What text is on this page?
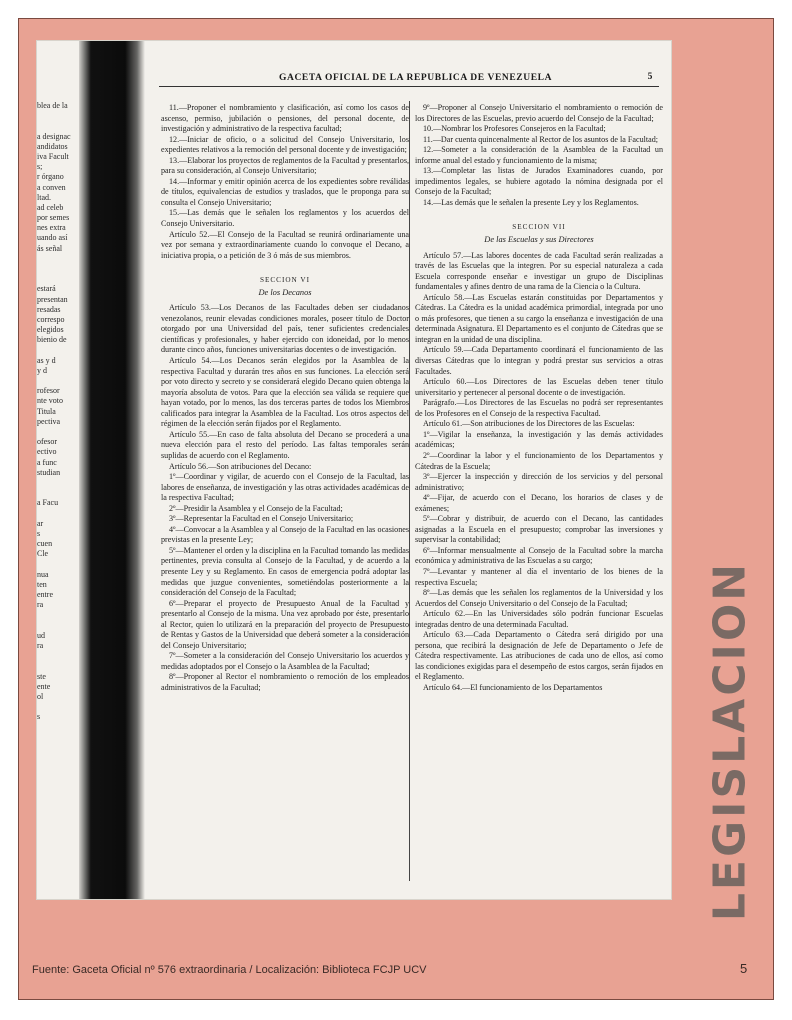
blea de la
a designac
andidatos
iva Facult
s;
r órgano
a conven
ltad.
ad celeb
por semes
nes extra
uando así
ás señal
estará
presentan
resadas
correspo
elegidos
bienio de
as y d
y d
rofesor
nte voto
Titula
pectiva
ofesor
ectivo
a func
studian
a Facu
ar
s
cuen
Cle
nua
ten
entre
ra
ud
ra
ste
ente
ol
s
GACETA OFICIAL DE LA REPUBLICA DE VENEZUELA	5

11.—Proponer el nombramiento y clasificación, así como los casos de ascenso, permiso, jubilación o pensiones, del personal docente, de investigación y administrativo de la respectiva facultad;

12.—Iniciar de oficio, o a solicitud del Consejo Universitario, los expedientes relativos a la remoción del personal docente y de investigación;

13.—Elaborar los proyectos de reglamentos de la Facultad y presentarlos, para su consideración, al Consejo Universitario;

14.—Informar y emitir opinión acerca de los expedientes sobre reválidas de títulos, equivalencias de estudios y traslados, que le proponga para su consulta el Consejo Universitario;

15.—Las demás que le señalen los reglamentos y los acuerdos del Consejo Universitario.

Artículo 52.—El Consejo de la Facultad se reunirá ordinariamente una vez por semana y extraordinariamente cuando lo convoque el Decano, a iniciativa propia, o a petición de 3 ó más de sus miembros.

SECCION VI
De los Decanos

Artículo 53.—Los Decanos de las Facultades deben ser ciudadanos venezolanos, reunir elevadas condiciones morales, poseer título de Doctor otorgado por una Universidad del país, tener suficientes credenciales científicas y profesionales, y haber ejercido con idoneidad, por lo menos durante cinco años, funciones universitarias docentes o de investigación.

Artículo 54.—Los Decanos serán elegidos por la Asamblea de la respectiva Facultad y durarán tres años en sus funciones. La elección será por voto directo y secreto y se considerará elegido Decano quien obtenga la mayoría absoluta de votos. Para que la elección sea válida se requiere que hayan votado, por lo menos, las dos terceras partes de todos los Miembros calificados para integrar la Asamblea de la Facultad. Los otros aspectos del régimen de la elección serán fijados por el Reglamento.

Artículo 55.—En caso de falta absoluta del Decano se procederá a una nueva elección para el resto del período. Las faltas temporales serán suplidas de acuerdo con el Reglamento.

Artículo 56.—Son atribuciones del Decano:

1º—Coordinar y vigilar, de acuerdo con el Consejo de la Facultad, las labores de enseñanza, de investigación y las otras actividades académicas de la respectiva Facultad;

2º—Presidir la Asamblea y el Consejo de la Facultad;

3º—Representar la Facultad en el Consejo Universitario;

4º—Convocar a la Asamblea y al Consejo de la Facultad en las ocasiones previstas en la presente Ley;

5º—Mantener el orden y la disciplina en la Facultad tomando las medidas pertinentes, previa consulta al Consejo de la Facultad, y de acuerdo a la presente Ley y su Reglamento. En casos de emergencia podrá adoptar las medidas que juzgue convenientes, sometiéndolas posteriormente a la consideración del Consejo de la Facultad;

6º—Preparar el proyecto de Presupuesto Anual de la Facultad y presentarlo al Consejo de la misma. Una vez aprobado por éste, presentarlo al Rector, quien lo utilizará en la preparación del proyecto de Presupuesto de Rentas y Gastos de la Universidad que deberá someter a la consideración del Consejo Universitario;

7º—Someter a la consideración del Consejo Universitario los acuerdos y medidas adoptados por el Consejo o la Asamblea de la Facultad;

8º—Proponer al Rector el nombramiento o remoción de los empleados administrativos de la Facultad;

9º—Proponer al Consejo Universitario el nombramiento o remoción de los Directores de las Escuelas, previo acuerdo del Consejo de la Facultad;

10.—Nombrar los Profesores Consejeros en la Facultad;

11.—Dar cuenta quincenalmente al Rector de los asuntos de la Facultad;

12.—Someter a la consideración de la Asamblea de la Facultad un informe anual del estado y funcionamiento de la misma;

13.—Completar las listas de Jurados Examinadores cuando, por impedimentos legales, se hubiere agotado la nómina designada por el Consejo de la Facultad;

14.—Las demás que le señalen la presente Ley y los Reglamentos.

SECCION VII
De las Escuelas y sus Directores

Artículo 57.—Las labores docentes de cada Facultad serán realizadas a través de las Escuelas que la integren. Por su especial naturaleza a cada Escuela corresponde enseñar e investigar un grupo de Disciplinas fundamentales y afines dentro de una rama de la Ciencia o la Cultura.

Artículo 58.—Las Escuelas estarán constituidas por Departamentos y Cátedras. La Cátedra es la unidad académica primordial, integrada por uno o más profesores, que tienen a su cargo la enseñanza e investigación de una determinada Asignatura. El Departamento es el conjunto de Cátedras que se integran en la unidad de una disciplina.

Artículo 59.—Cada Departamento coordinará el funcionamiento de las diversas Cátedras que lo integran y podrá prestar sus servicios a otras Facultades.

Artículo 60.—Los Directores de las Escuelas deben tener título universitario y pertenecer al personal docente o de investigación.

Parágrafo.—Los Directores de las Escuelas no podrá ser representantes de los Profesores en el Consejo de la respectiva Facultad.

Artículo 61.—Son atribuciones de los Directores de las Escuelas:

1º—Vigilar la enseñanza, la investigación y las demás actividades académicas;

2º—Coordinar la labor y el funcionamiento de los Departamentos y Cátedras de la Escuela;

3º—Ejercer la inspección y dirección de los servicios y del personal administrativo;

4º—Fijar, de acuerdo con el Decano, los horarios de clases y de exámenes;

5º—Cobrar y distribuir, de acuerdo con el Decano, las cantidades asignadas a la Escuela en el presupuesto; comprobar las inversiones y supervisar la contabilidad;

6º—Informar mensualmente al Consejo de la Facultad sobre la marcha económica y administrativa de las Escuelas a su cargo;

7º—Levantar y mantener al día el inventario de los bienes de la respectiva Escuela;

8º—Las demás que les señalen los reglamentos de la Universidad y los Acuerdos del Consejo Universitario o del Consejo de la Facultad;

Artículo 62.—En las Universidades sólo podrán funcionar Escuelas integradas dentro de una determinada Facultad.

Artículo 63.—Cada Departamento o Cátedra será dirigido por una persona, que recibirá la designación de Jefe de Departamento o Jefe de Cátedra respectivamente. Las atribuciones de cada uno de ellos, así como las condiciones exigidas para el desempeño de estos cargos, serán fijados en el Reglamento.

Artículo 64.—El funcionamiento de los Departamentos	LEGISLACION
Fuente: Gaceta Oficial nº 576 extraordinaria / Localización: Biblioteca FCJP UCV	5
